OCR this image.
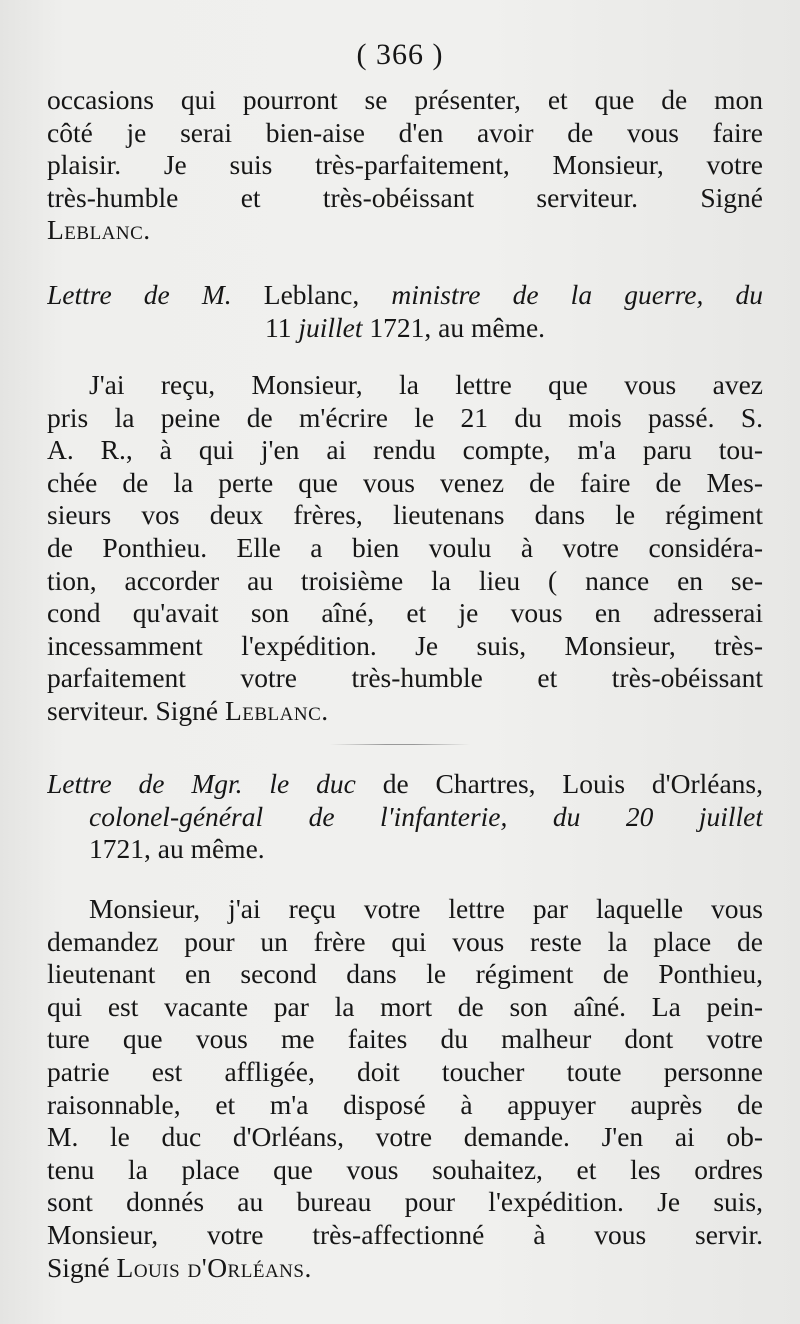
( 366 )
occasions qui pourront se présenter, et que de mon
côté je serai bien-aise d'en avoir de vous faire
plaisir. Je suis très-parfaitement, Monsieur, votre
très-humble et très-obéissant serviteur. Signé
Leblanc.
Lettre de M. Leblanc, ministre de la guerre, du
11 juillet 1721, au même.
J'ai reçu, Monsieur, la lettre que vous avez
pris la peine de m'écrire le 21 du mois passé. S.
A. R., à qui j'en ai rendu compte, m'a paru tou-
chée de la perte que vous venez de faire de Mes-
sieurs vos deux frères, lieutenans dans le régiment
de Ponthieu. Elle a bien voulu à votre considéra-
tion, accorder au troisième la lieu ( nance en se-
cond qu'avait son aîné, et je vous en adresserai
incessamment l'expédition. Je suis, Monsieur, très-
parfaitement votre très-humble et très-obéissant
serviteur. Signé Leblanc.
Lettre de Mgr. le duc de Chartres, Louis d'Orléans,
colonel-général de l'infanterie, du 20 juillet
1721, au même.
Monsieur, j'ai reçu votre lettre par laquelle vous
demandez pour un frère qui vous reste la place de
lieutenant en second dans le régiment de Ponthieu,
qui est vacante par la mort de son aîné. La pein-
ture que vous me faites du malheur dont votre
patrie est affligée, doit toucher toute personne
raisonnable, et m'a disposé à appuyer auprès de
M. le duc d'Orléans, votre demande. J'en ai ob-
tenu la place que vous souhaitez, et les ordres
sont donnés au bureau pour l'expédition. Je suis,
Monsieur, votre très-affectionné à vous servir.
Signé Louis d'Orléans.
